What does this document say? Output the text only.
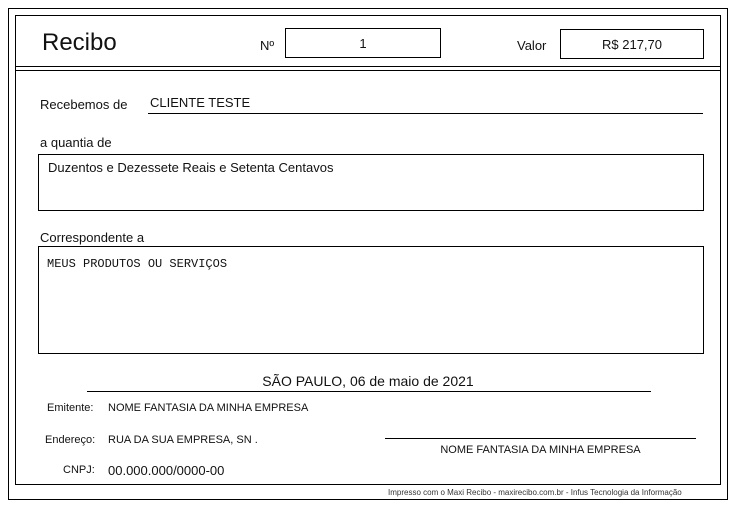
Recibo	Nº	1	Valor	R$ 217,70
Recebemos de CLIENTE TESTE
a quantia de
Duzentos e Dezessete Reais e Setenta Centavos
Correspondente a
MEUS PRODUTOS OU SERVIÇOS
SÃO PAULO, 06 de maio de 2021
Emitente: NOME FANTASIA DA MINHA EMPRESA
Endereço: RUA DA SUA EMPRESA, SN .
CNPJ: 00.000.000/0000-00
NOME FANTASIA DA MINHA EMPRESA
Impresso com o Maxi Recibo - maxirecibo.com.br - Infus Tecnologia da Informação
